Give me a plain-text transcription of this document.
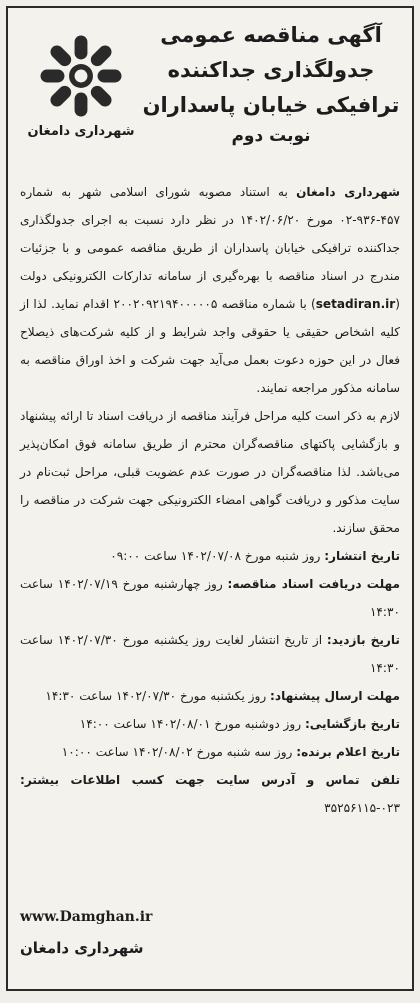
آگهی مناقصه عمومی
جدولگذاری جداکننده
ترافیکی خیابان پاسداران
نوبت دوم
شهرداری دامغان

شهرداری دامغان به استناد مصوبه شورای اسلامی شهر به شماره ۴۵۷-۹۳۶-۰۲ مورخ ۱۴۰۲/۰۶/۲۰ در نظر دارد نسبت به اجرای جدولگذاری جداکننده ترافیکی خیابان پاسداران از طریق مناقصه عمومی و با جزئیات مندرج در اسناد مناقصه با بهره‌گیری از سامانه تدارکات الکترونیکی دولت (setadiran.ir) با شماره مناقصه ۲۰۰۲۰۹۲۱۹۴۰۰۰۰۰۵ اقدام نماید. لذا از کلیه اشخاص حقیقی یا حقوقی واجد شرایط و از کلیه شرکت‌های ذیصلاح فعال در این حوزه دعوت بعمل می‌آید جهت شرکت و اخذ اوراق مناقصه به سامانه مذکور مراجعه نمایند.

لازم به ذکر است کلیه مراحل فرآیند مناقصه از دریافت اسناد تا ارائه پیشنهاد و بازگشایی پاکتهای مناقصه‌گران محترم از طریق سامانه فوق امکان‌پذیر می‌باشد. لذا مناقصه‌گران در صورت عدم عضویت قبلی، مراحل ثبت‌نام در سایت مذکور و دریافت گواهی امضاء الکترونیکی جهت شرکت در مناقصه را محقق سازند.

تاریخ انتشار: روز شنبه مورخ ۱۴۰۲/۰۷/۰۸ ساعت ۰۹:۰۰

مهلت دریافت اسناد مناقصه: روز چهارشنبه مورخ ۱۴۰۲/۰۷/۱۹ ساعت ۱۴:۳۰

تاریخ بازدید: از تاریخ انتشار لغایت روز یکشنبه مورخ ۱۴۰۲/۰۷/۳۰ ساعت ۱۴:۳۰

مهلت ارسال پیشنهاد: روز یکشنبه مورخ ۱۴۰۲/۰۷/۳۰ ساعت ۱۴:۳۰

تاریخ بازگشایی: روز دوشنبه مورخ ۱۴۰۲/۰۸/۰۱ ساعت ۱۴:۰۰

تاریخ اعلام برنده: روز سه شنبه مورخ ۱۴۰۲/۰۸/۰۲ ساعت ۱۰:۰۰

تلفن تماس و آدرس سایت جهت کسب اطلاعات بیشتر: ۰۲۳-۳۵۲۵۶۱۱۵

www.Damghan.ir
شهرداری دامغان
